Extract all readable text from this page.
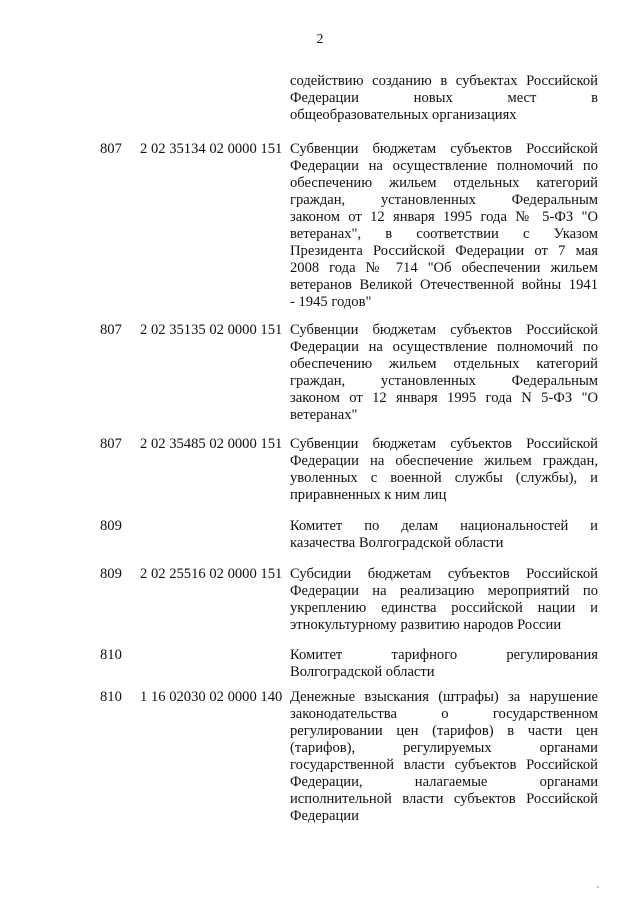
2
содействию созданию в субъектах Российской
Федерации новых мест в
общеобразовательных организациях
807	2 02 35134 02 0000 151 Субвенции бюджетам субъектов Российской
Федерации на осуществление полномочий по
обеспечению жильем отдельных категорий
граждан, установленных Федеральным
законом от 12 января 1995 года № 5-ФЗ "О
ветеранах", в соответствии с Указом
Президента Российской Федерации от 7 мая
2008 года № 714 "Об обеспечении жильем
ветеранов Великой Отечественной войны 1941
- 1945 годов"
807	2 02 35135 02 0000 151 Субвенции бюджетам субъектов Российской
Федерации на осуществление полномочий по
обеспечению жильем отдельных категорий
граждан, установленных Федеральным
законом от 12 января 1995 года N 5-ФЗ "О
ветеранах"
807	2 02 35485 02 0000 151 Субвенции бюджетам субъектов Российской
Федерации на обеспечение жильем граждан,
уволенных с военной службы (службы), и
приравненных к ним лиц
809	Комитет по делам национальностей и
казачества Волгоградской области
809	2 02 25516 02 0000 151 Субсидии бюджетам субъектов Российской
Федерации на реализацию мероприятий по
укреплению единства российской нации и
этнокультурному развитию народов России
810	Комитет тарифного регулирования
Волгоградской области
810	1 16 02030 02 0000 140 Денежные взыскания (штрафы) за нарушение
законодательства о государственном
регулировании цен (тарифов) в части цен
(тарифов), регулируемых органами
государственной власти субъектов Российской
Федерации, налагаемые органами
исполнительной власти субъектов Российской
Федерации
